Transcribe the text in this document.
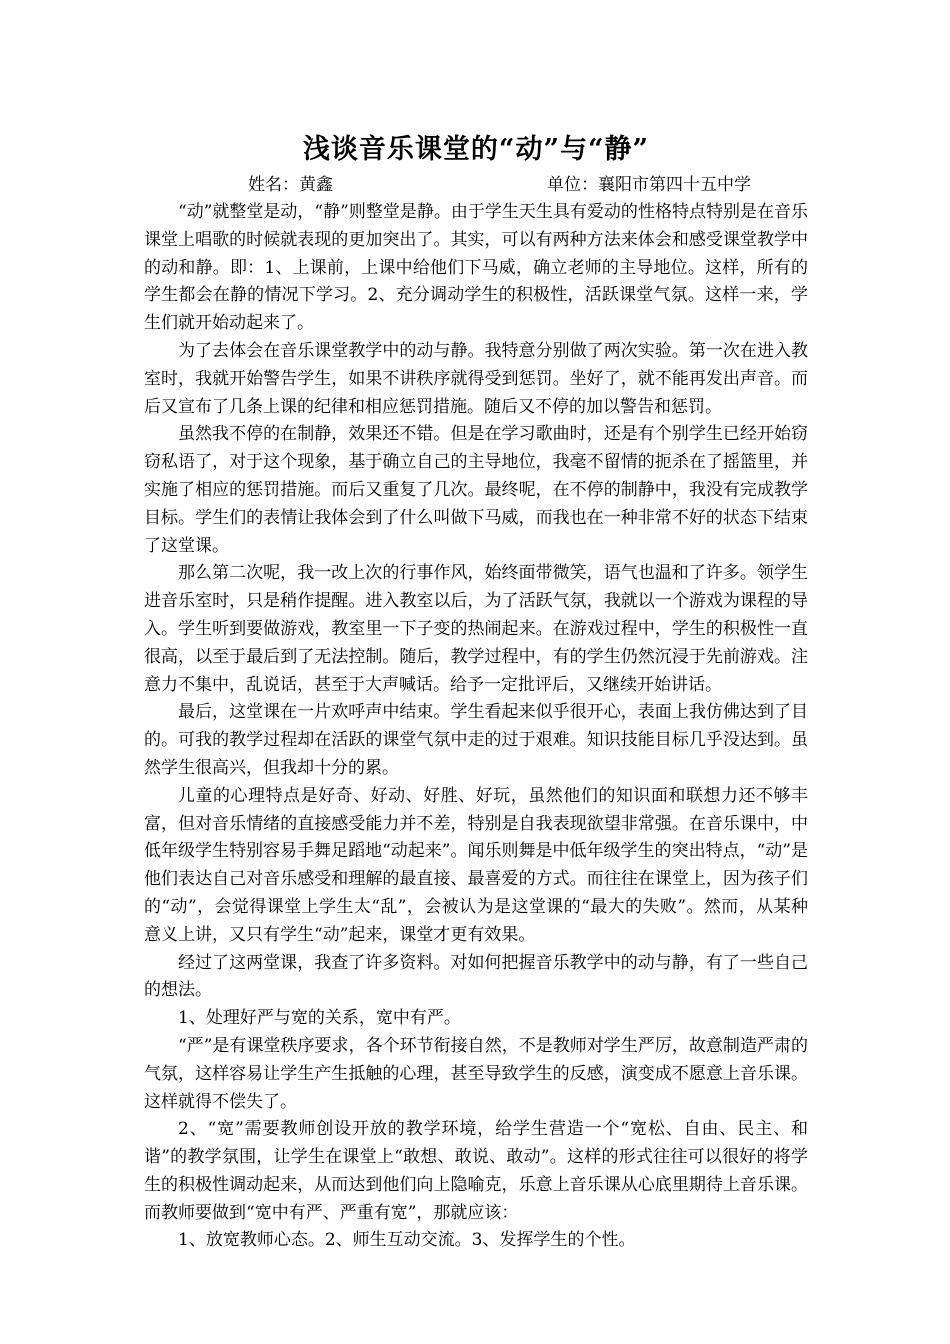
浅谈音乐课堂的“动”与“静”
姓名：黄鑫	单位：襄阳市第四十五中学

“动”就整堂是动，“静”则整堂是静。由于学生天生具有爱动的性格特点特别是在音乐课堂上唱歌的时候就表现的更加突出了。其实，可以有两种方法来体会和感受课堂教学中的动和静。即：1、上课前，上课中给他们下马威，确立老师的主导地位。这样，所有的学生都会在静的情况下学习。2、充分调动学生的积极性，活跃课堂气氛。这样一来，学生们就开始动起来了。

为了去体会在音乐课堂教学中的动与静。我特意分别做了两次实验。第一次在进入教室时，我就开始警告学生，如果不讲秩序就得受到惩罚。坐好了，就不能再发出声音。而后又宣布了几条上课的纪律和相应惩罚措施。随后又不停的加以警告和惩罚。

虽然我不停的在制静，效果还不错。但是在学习歌曲时，还是有个别学生已经开始窃窃私语了，对于这个现象，基于确立自己的主导地位，我毫不留情的扼杀在了摇篮里，并实施了相应的惩罚措施。而后又重复了几次。最终呢，在不停的制静中，我没有完成教学目标。学生们的表情让我体会到了什么叫做下马威，而我也在一种非常不好的状态下结束了这堂课。

那么第二次呢，我一改上次的行事作风，始终面带微笑，语气也温和了许多。领学生进音乐室时，只是稍作提醒。进入教室以后，为了活跃气氛，我就以一个游戏为课程的导入。学生听到要做游戏，教室里一下子变的热闹起来。在游戏过程中，学生的积极性一直很高，以至于最后到了无法控制。随后，教学过程中，有的学生仍然沉浸于先前游戏。注意力不集中，乱说话，甚至于大声喊话。给予一定批评后，又继续开始讲话。

最后，这堂课在一片欢呼声中结束。学生看起来似乎很开心，表面上我仿佛达到了目的。可我的教学过程却在活跃的课堂气氛中走的过于艰难。知识技能目标几乎没达到。虽然学生很高兴，但我却十分的累。

儿童的心理特点是好奇、好动、好胜、好玩，虽然他们的知识面和联想力还不够丰富，但对音乐情绪的直接感受能力并不差，特别是自我表现欲望非常强。在音乐课中，中低年级学生特别容易手舞足蹈地“动起来”。闻乐则舞是中低年级学生的突出特点，“动”是他们表达自己对音乐感受和理解的最直接、最喜爱的方式。而往往在课堂上，因为孩子们的“动”，会觉得课堂上学生太“乱”，会被认为是这堂课的“最大的失败”。然而，从某种意义上讲，又只有学生“动”起来，课堂才更有效果。

经过了这两堂课，我查了许多资料。对如何把握音乐教学中的动与静，有了一些自己的想法。

1、处理好严与宽的关系，宽中有严。

“严”是有课堂秩序要求，各个环节衔接自然，不是教师对学生严厉，故意制造严肃的气氛，这样容易让学生产生抵触的心理，甚至导致学生的反感，演变成不愿意上音乐课。这样就得不偿失了。

2、“宽”需要教师创设开放的教学环境，给学生营造一个“宽松、自由、民主、和谐”的教学氛围，让学生在课堂上“敢想、敢说、敢动”。这样的形式往往可以很好的将学生的积极性调动起来，从而达到他们向上隐喻克，乐意上音乐课从心底里期待上音乐课。而教师要做到“宽中有严、严重有宽”，那就应该：

1、放宽教师心态。2、师生互动交流。3、发挥学生的个性。
